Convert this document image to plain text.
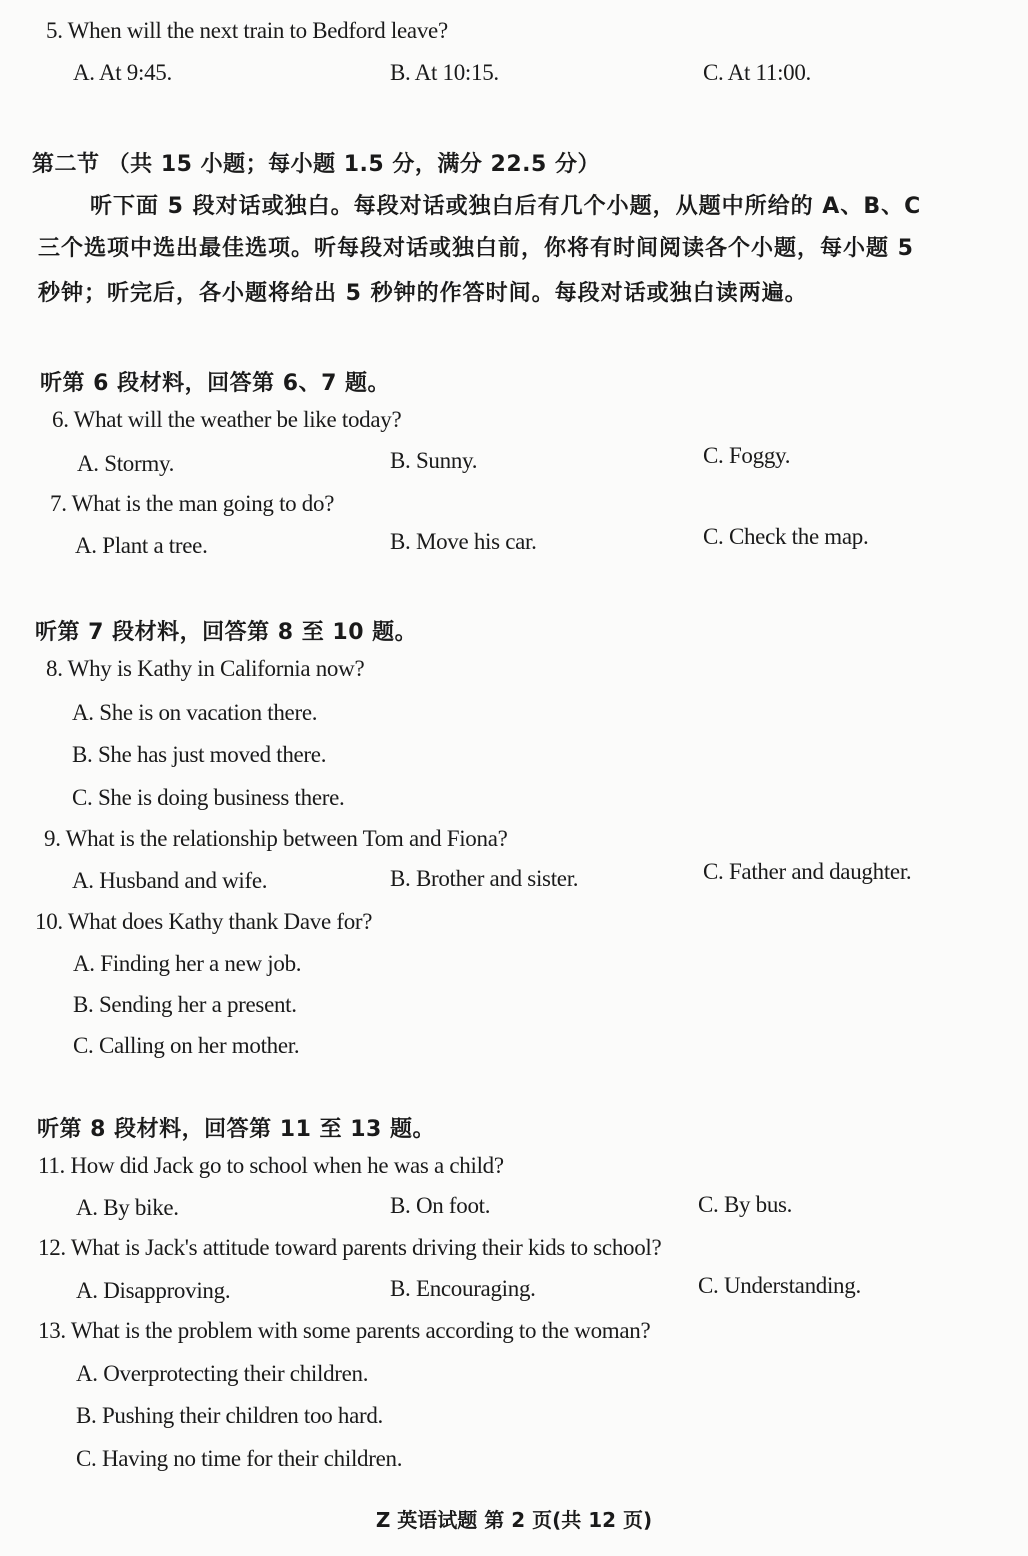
5. When will the next train to Bedford leave?
A. At 9:45.	B. At 10:15.	C. At 11:00.
第二节 （共 15 小题；每小题 1.5 分，满分 22.5 分）
听下面 5 段对话或独白。每段对话或独白后有几个小题，从题中所给的 A、B、C
三个选项中选出最佳选项。听每段对话或独白前，你将有时间阅读各个小题，每小题 5
秒钟；听完后，各小题将给出 5 秒钟的作答时间。每段对话或独白读两遍。
听第 6 段材料，回答第 6、7 题。
6. What will the weather be like today?
A. Stormy.	B. Sunny.	C. Foggy.
7. What is the man going to do?
A. Plant a tree.	B. Move his car.	C. Check the map.
听第 7 段材料，回答第 8 至 10 题。
8. Why is Kathy in California now?
A. She is on vacation there.
B. She has just moved there.
C. She is doing business there.
9. What is the relationship between Tom and Fiona?
A. Husband and wife.	B. Brother and sister.	C. Father and daughter.
10. What does Kathy thank Dave for?
A. Finding her a new job.
B. Sending her a present.
C. Calling on her mother.
听第 8 段材料，回答第 11 至 13 题。
11. How did Jack go to school when he was a child?
A. By bike.	B. On foot.	C. By bus.
12. What is Jack's attitude toward parents driving their kids to school?
A. Disapproving.	B. Encouraging.	C. Understanding.
13. What is the problem with some parents according to the woman?
A. Overprotecting their children.
B. Pushing their children too hard.
C. Having no time for their children.
Z 英语试题 第 2 页(共 12 页)
